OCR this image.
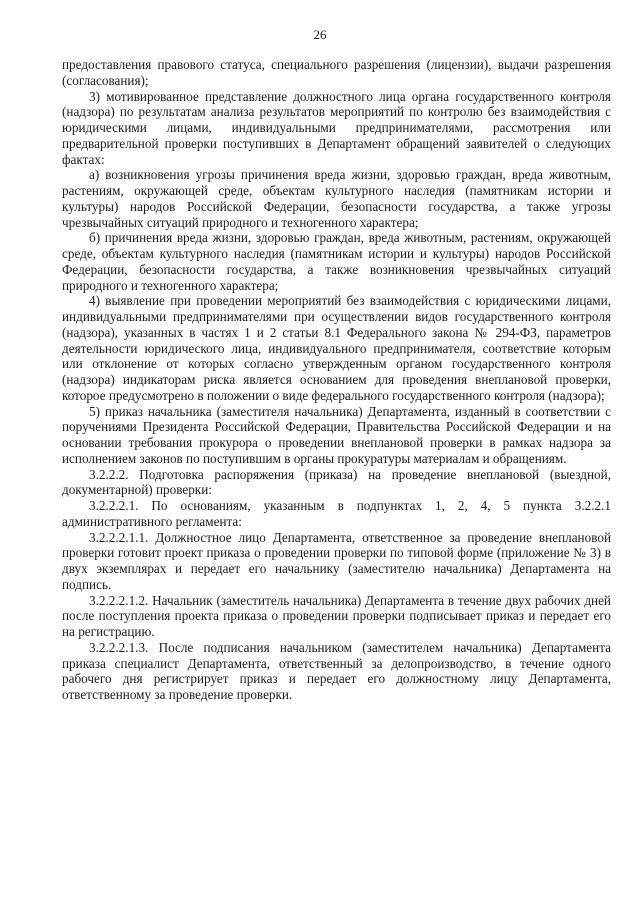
26

предоставления правового статуса, специального разрешения (лицензии), выдачи разрешения (согласования);

3) мотивированное представление должностного лица органа государственного контроля (надзора) по результатам анализа результатов мероприятий по контролю без взаимодействия с юридическими лицами, индивидуальными предпринимателями, рассмотрения или предварительной проверки поступивших в Департамент обращений заявителей о следующих фактах:

а) возникновения угрозы причинения вреда жизни, здоровью граждан, вреда животным, растениям, окружающей среде, объектам культурного наследия (памятникам истории и культуры) народов Российской Федерации, безопасности государства, а также угрозы чрезвычайных ситуаций природного и техногенного характера;

б) причинения вреда жизни, здоровью граждан, вреда животным, растениям, окружающей среде, объектам культурного наследия (памятникам истории и культуры) народов Российской Федерации, безопасности государства, а также возникновения чрезвычайных ситуаций природного и техногенного характера;

4) выявление при проведении мероприятий без взаимодействия с юридическими лицами, индивидуальными предпринимателями при осуществлении видов государственного контроля (надзора), указанных в частях 1 и 2 статьи 8.1 Федерального закона № 294-ФЗ, параметров деятельности юридического лица, индивидуального предпринимателя, соответствие которым или отклонение от которых согласно утвержденным органом государственного контроля (надзора) индикаторам риска является основанием для проведения внеплановой проверки, которое предусмотрено в положении о виде федерального государственного контроля (надзора);

5) приказ начальника (заместителя начальника) Департамента, изданный в соответствии с поручениями Президента Российской Федерации, Правительства Российской Федерации и на основании требования прокурора о проведении внеплановой проверки в рамках надзора за исполнением законов по поступившим в органы прокуратуры материалам и обращениям.

3.2.2.2. Подготовка распоряжения (приказа) на проведение внеплановой (выездной, документарной) проверки:

3.2.2.2.1. По основаниям, указанным в подпунктах 1, 2, 4, 5 пункта 3.2.2.1 административного регламента:

3.2.2.2.1.1. Должностное лицо Департамента, ответственное за проведение внеплановой проверки готовит проект приказа о проведении проверки по типовой форме (приложение № 3) в двух экземплярах и передает его начальнику (заместителю начальника) Департамента на подпись.

3.2.2.2.1.2. Начальник (заместитель начальника) Департамента в течение двух рабочих дней после поступления проекта приказа о проведении проверки подписывает приказ и передает его на регистрацию.

3.2.2.2.1.3. После подписания начальником (заместителем начальника) Департамента приказа специалист Департамента, ответственный за делопроизводство, в течение одного рабочего дня регистрирует приказ и передает его должностному лицу Департамента, ответственному за проведение проверки.
